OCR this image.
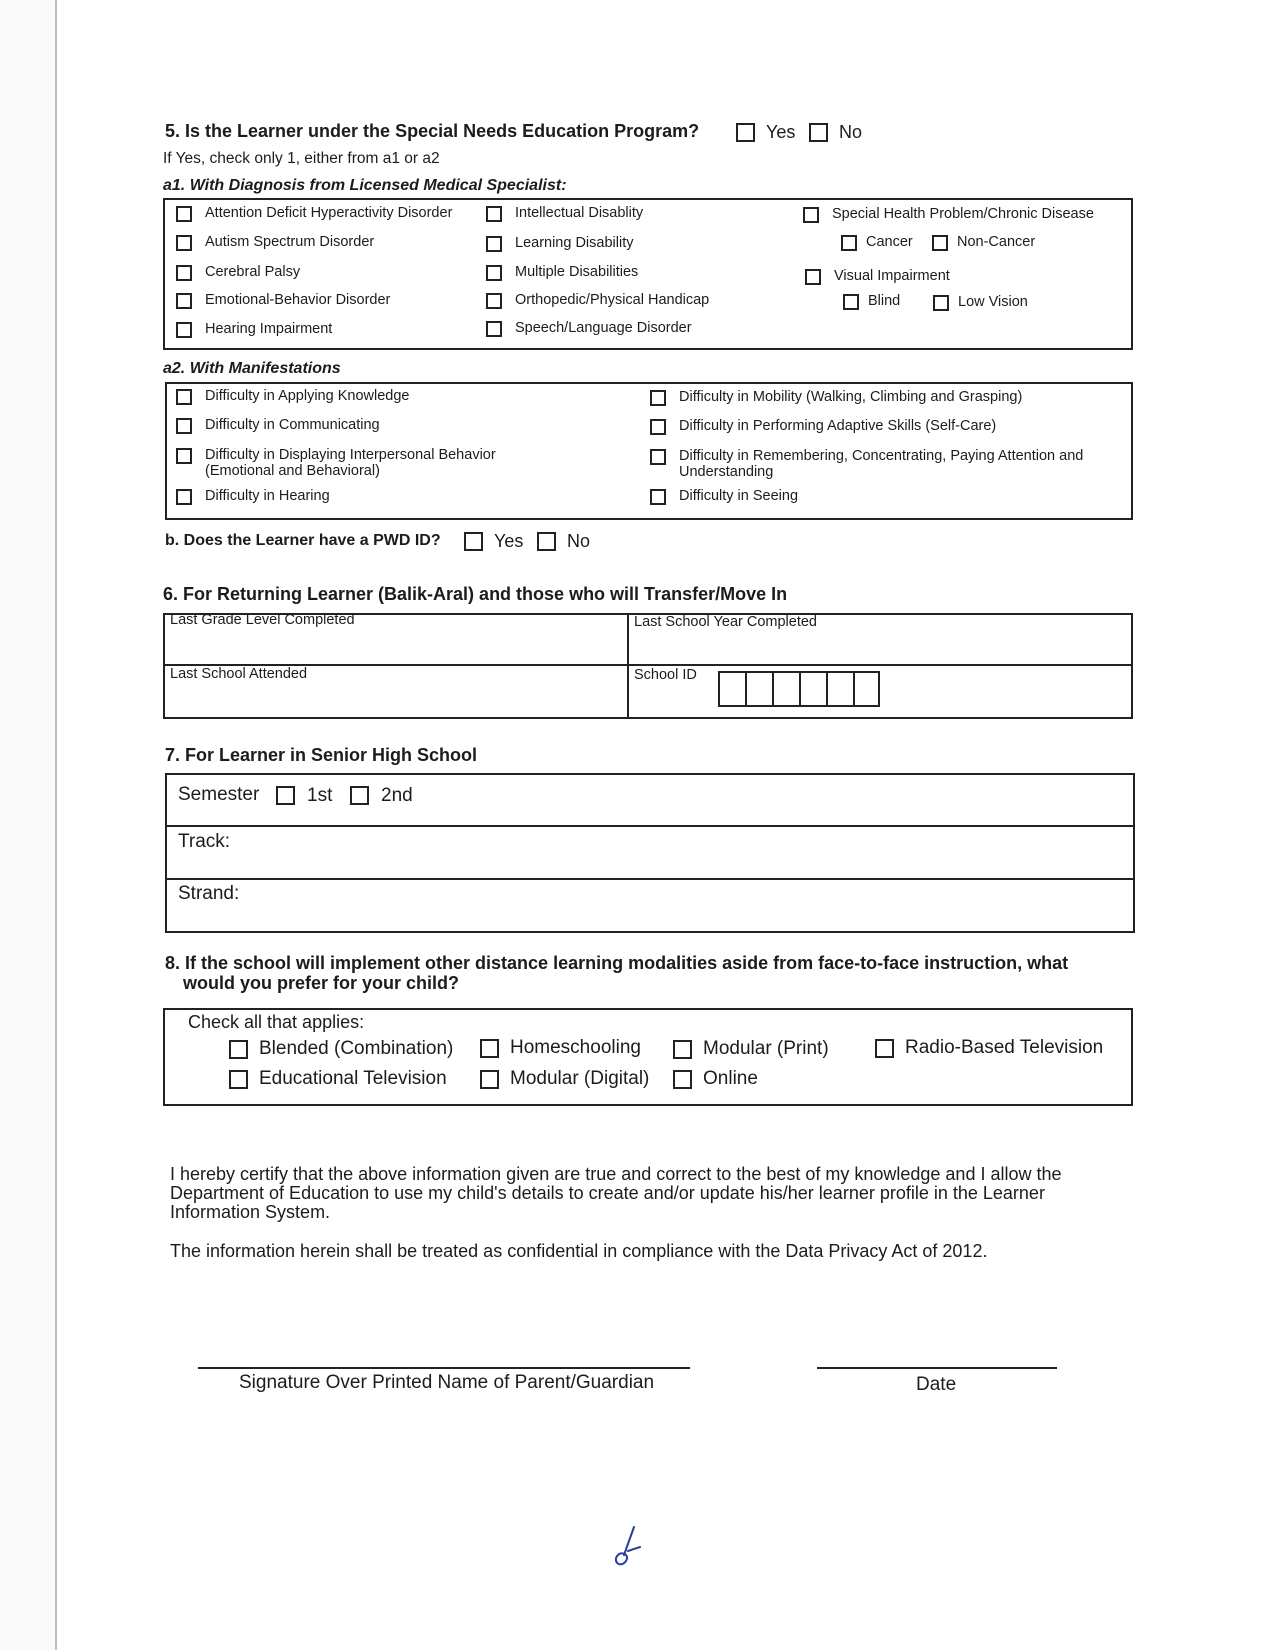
5. Is the Learner under the Special Needs Education Program?	Yes No
If Yes, check only 1, either from a1 or a2
a1. With Diagnosis from Licensed Medical Specialist:
Attention Deficit Hyperactivity Disorder
Autism Spectrum Disorder
Cerebral Palsy
Emotional-Behavior Disorder
Hearing Impairment
Intellectual Disablity
Learning Disability
Multiple Disabilities
Orthopedic/Physical Handicap
Speech/Language Disorder
Special Health Problem/Chronic Disease
Cancer	Non-Cancer
Visual Impairment
Blind	Low Vision
a2. With Manifestations
Difficulty in Applying Knowledge
Difficulty in Communicating
Difficulty in Displaying Interpersonal Behavior
(Emotional and Behavioral)
Difficulty in Hearing
Difficulty in Mobility (Walking, Climbing and Grasping)
Difficulty in Performing Adaptive Skills (Self-Care)
Difficulty in Remembering, Concentrating, Paying Attention and
Understanding
Difficulty in Seeing
b. Does the Learner have a PWD ID?	Yes No
6. For Returning Learner (Balik-Aral) and those who will Transfer/Move In
Last Grade Level Completed	Last School Year Completed
Last School Attended	School ID
7. For Learner in Senior High School
Semester	1st	2nd
Track:
Strand:
8. If the school will implement other distance learning modalities aside from face-to-face instruction, what
would you prefer for your child?
Check all that applies:
Blended (Combination)	Homeschooling	Modular (Print)	Radio-Based Television
Educational Television	Modular (Digital)	Online
I hereby certify that the above information given are true and correct to the best of my knowledge and I allow the
Department of Education to use my child's details to create and/or update his/her learner profile in the Learner
Information System.
The information herein shall be treated as confidential in compliance with the Data Privacy Act of 2012.
Signature Over Printed Name of Parent/Guardian	Date
